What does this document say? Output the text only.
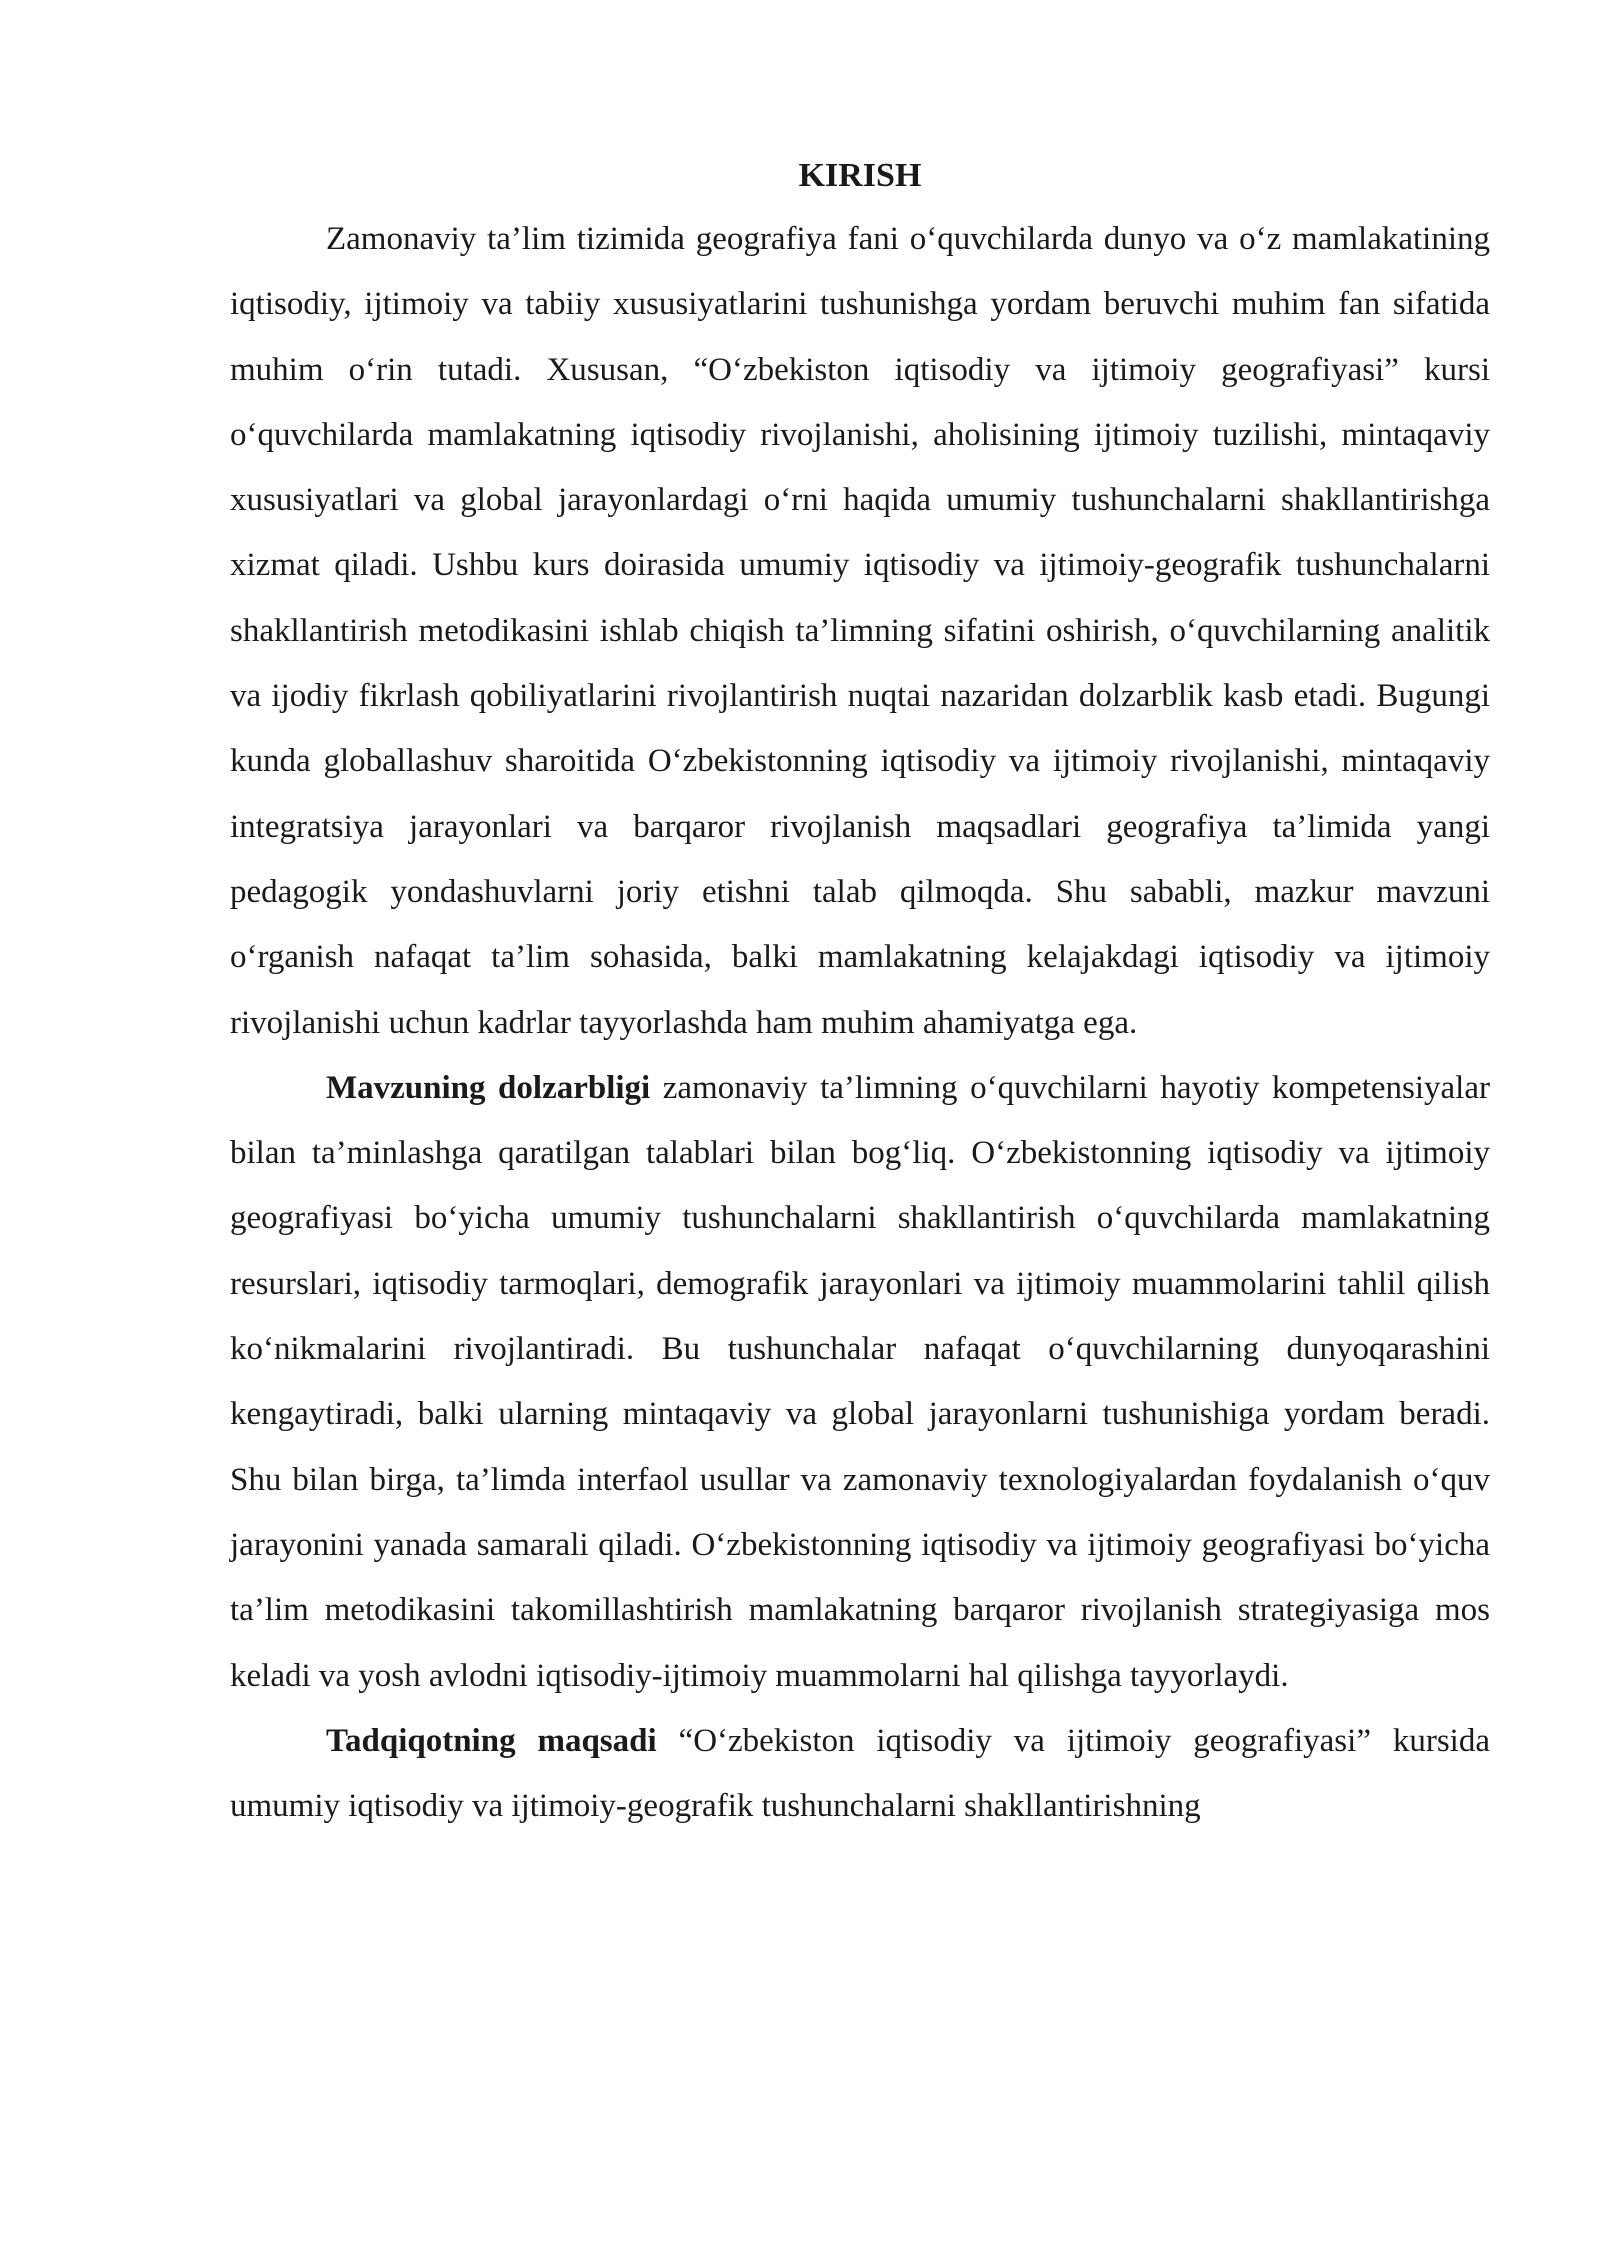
KIRISH

Zamonaviy ta’lim tizimida geografiya fani o‘quvchilarda dunyo va o‘z mamlakatining iqtisodiy, ijtimoiy va tabiiy xususiyatlarini tushunishga yordam beruvchi muhim fan sifatida muhim o‘rin tutadi. Xususan, “O‘zbekiston iqtisodiy va ijtimoiy geografiyasi” kursi o‘quvchilarda mamlakatning iqtisodiy rivojlanishi, aholisining ijtimoiy tuzilishi, mintaqaviy xususiyatlari va global jarayonlardagi o‘rni haqida umumiy tushunchalarni shakllantirishga xizmat qiladi. Ushbu kurs doirasida umumiy iqtisodiy va ijtimoiy-geografik tushunchalarni shakllantirish metodikasini ishlab chiqish ta’limning sifatini oshirish, o‘quvchilarning analitik va ijodiy fikrlash qobiliyatlarini rivojlantirish nuqtai nazaridan dolzarblik kasb etadi. Bugungi kunda globallashuv sharoitida O‘zbekistonning iqtisodiy va ijtimoiy rivojlanishi, mintaqaviy integratsiya jarayonlari va barqaror rivojlanish maqsadlari geografiya ta’limida yangi pedagogik yondashuvlarni joriy etishni talab qilmoqda. Shu sababli, mazkur mavzuni o‘rganish nafaqat ta’lim sohasida, balki mamlakatning kelajakdagi iqtisodiy va ijtimoiy rivojlanishi uchun kadrlar tayyorlashda ham muhim ahamiyatga ega.

Mavzuning dolzarbligi zamonaviy ta’limning o‘quvchilarni hayotiy kompetensiyalar bilan ta’minlashga qaratilgan talablari bilan bog‘liq. O‘zbekistonning iqtisodiy va ijtimoiy geografiyasi bo‘yicha umumiy tushunchalarni shakllantirish o‘quvchilarda mamlakatning resurslari, iqtisodiy tarmoqlari, demografik jarayonlari va ijtimoiy muammolarini tahlil qilish ko‘nikmalarini rivojlantiradi. Bu tushunchalar nafaqat o‘quvchilarning dunyoqarashini kengaytiradi, balki ularning mintaqaviy va global jarayonlarni tushunishiga yordam beradi. Shu bilan birga, ta’limda interfaol usullar va zamonaviy texnologiyalardan foydalanish o‘quv jarayonini yanada samarali qiladi. O‘zbekistonning iqtisodiy va ijtimoiy geografiyasi bo‘yicha ta’lim metodikasini takomillashtirish mamlakatning barqaror rivojlanish strategiyasiga mos keladi va yosh avlodni iqtisodiy-ijtimoiy muammolarni hal qilishga tayyorlaydi.

Tadqiqotning maqsadi “O‘zbekiston iqtisodiy va ijtimoiy geografiyasi” kursida umumiy iqtisodiy va ijtimoiy-geografik tushunchalarni shakllantirishning
